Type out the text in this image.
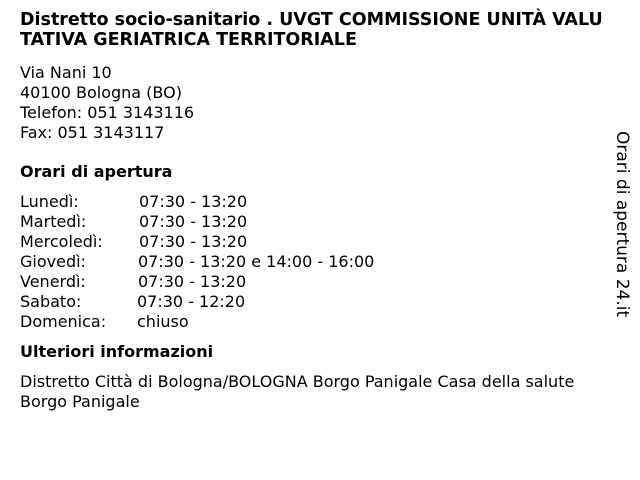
Distretto socio-sanitario . UVGT COMMISSIONE UNITÀ VALUTATIVA GERIATRICA TERRITORIALE
Via Nani 10
40100 Bologna (BO)
Telefon: 051 3143116
Fax: 051 3143117
Orari di apertura
Lunedì:	07:30 - 13:20
Martedì:	07:30 - 13:20
Mercoledì:	07:30 - 13:20
Giovedì:	07:30 - 13:20 e 14:00 - 16:00
Venerdì:	07:30 - 13:20
Sabato:	07:30 - 12:20
Domenica:	chiuso
Ulteriori informazioni
Distretto Città di Bologna/BOLOGNA Borgo Panigale Casa della salute Borgo Panigale
Orari di apertura 24.it
